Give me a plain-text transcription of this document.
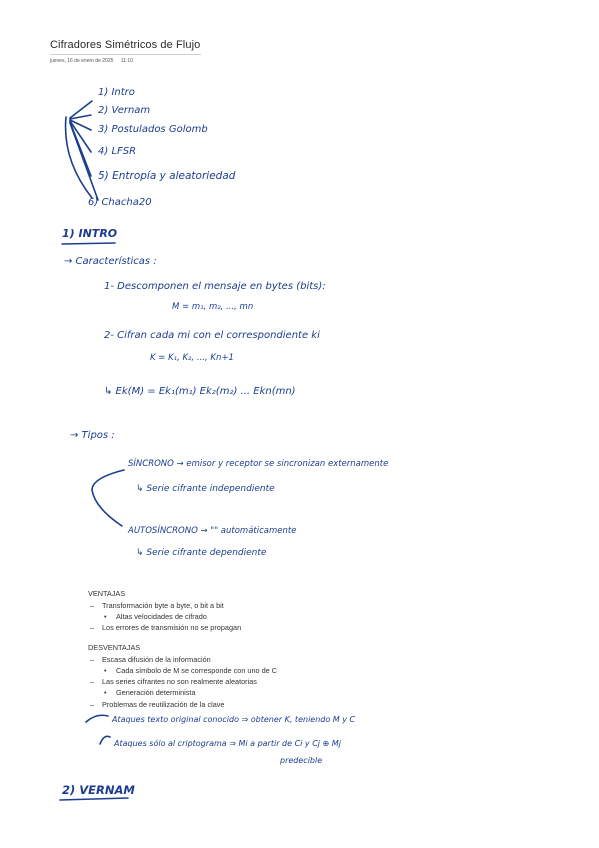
Cifradores Simétricos de Flujo
jueves, 16 de enero de 2025 11:10
1) Intro
2) Vernam
3) Postulados Golomb
4) LFSR
5) Entropía y aleatoriedad
6) Chacha20
1) INTRO
→ Características :
1- Descomponen el mensaje en bytes (bits):
M = m₁, m₂, ..., mn
2- Cifran cada mi con el correspondiente ki
K = K₁, K₂, ..., Kn+1
↳ Ek(M) = Ek₁(m₁) Ek₂(m₂) ... Ekn(mn)
→ Tipos :
SÍNCRONO → emisor y receptor se sincronizan externamente
↳ Serie cifrante independiente
AUTOSÍNCRONO → "" automáticamente
↳ Serie cifrante dependiente
VENTAJAS
– Transformación byte a byte, o bit a bit
• Altas velocidades de cifrado
– Los errores de transmisión no se propagan
DESVENTAJAS
– Escasa difusión de la información
• Cada símbolo de M se corresponde con uno de C
– Las series cifrantes no son realmente aleatorias
• Generación determinista
– Problemas de reutilización de la clave
Ataques texto original conocido ⇒ obtener K, teniendo M y C
Ataques sólo al criptograma ⇒ Mi a partir de Ci y Cj ⊕ Mj
predecible
2) VERNAM
